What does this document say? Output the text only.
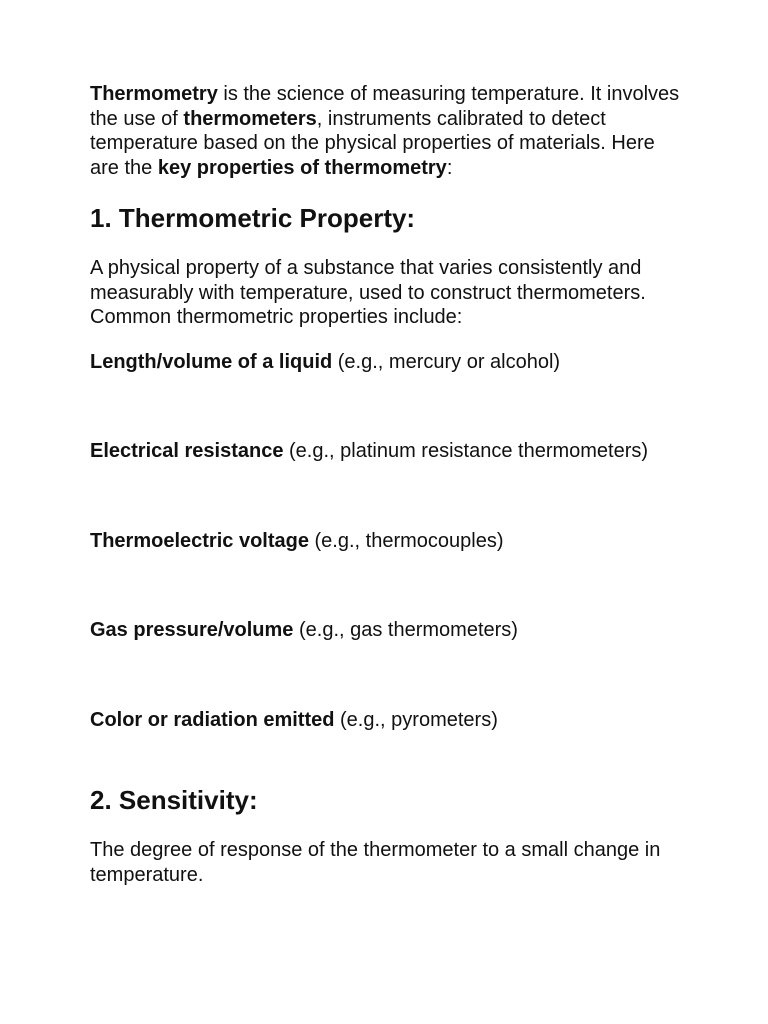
Thermometry is the science of measuring temperature. It involves the use of thermometers, instruments calibrated to detect temperature based on the physical properties of materials. Here are the key properties of thermometry:

1. Thermometric Property:

A physical property of a substance that varies consistently and measurably with temperature, used to construct thermometers. Common thermometric properties include:

Length/volume of a liquid (e.g., mercury or alcohol)

Electrical resistance (e.g., platinum resistance thermometers)

Thermoelectric voltage (e.g., thermocouples)

Gas pressure/volume (e.g., gas thermometers)

Color or radiation emitted (e.g., pyrometers)

2. Sensitivity:

The degree of response of the thermometer to a small change in temperature.
